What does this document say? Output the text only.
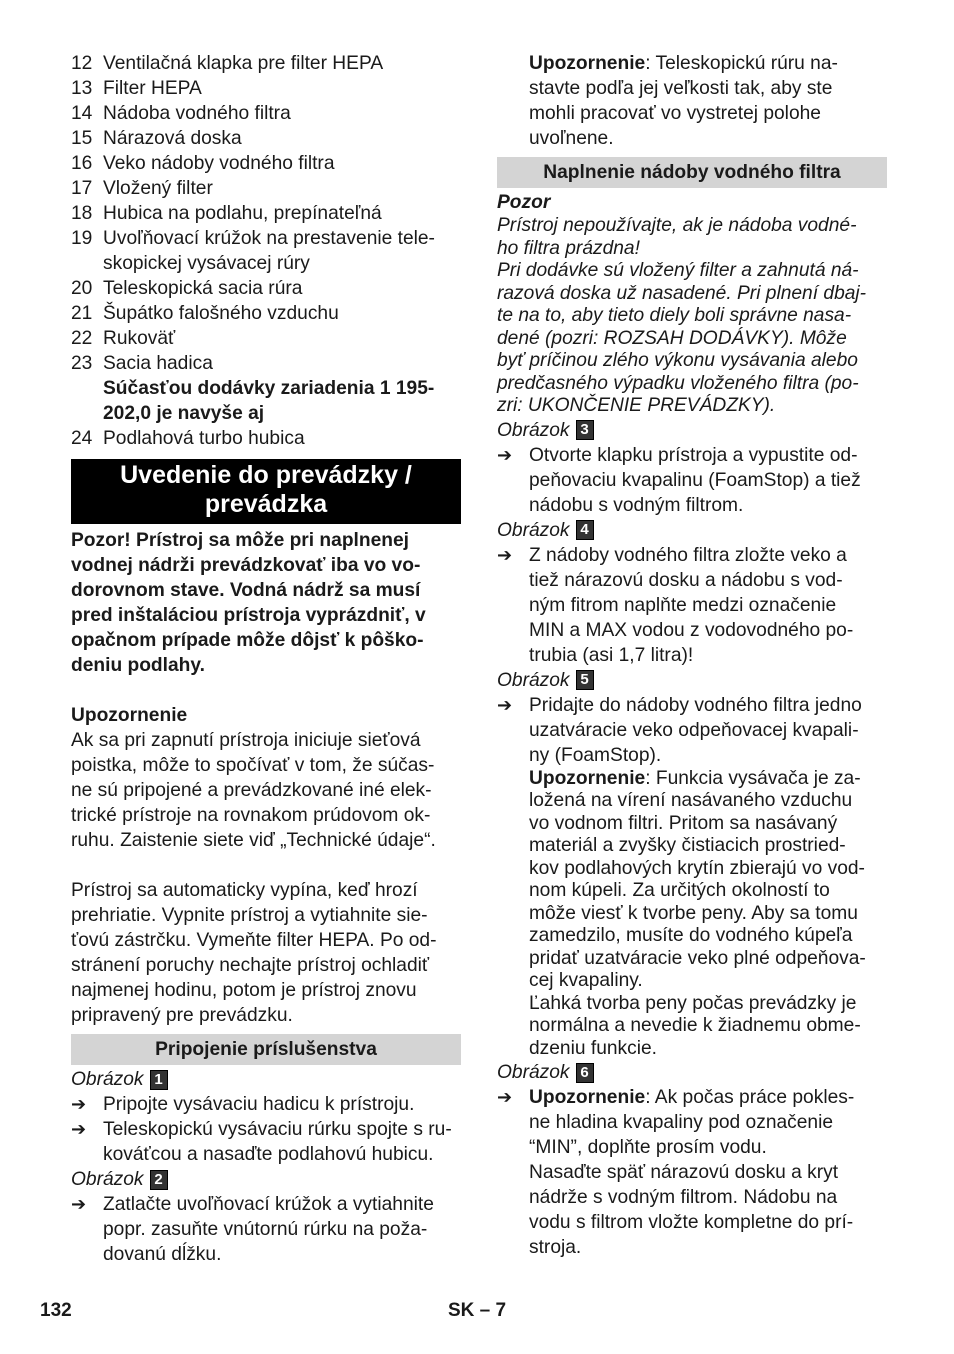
12 Ventilačná klapka pre filter HEPA
13 Filter HEPA
14 Nádoba vodného filtra
15 Nárazová doska
16 Veko nádoby vodného filtra
17 Vložený filter
18 Hubica na podlahu, prepínateľná
19 Uvoľňovací krúžok na prestavenie tele-
skopickej vysávacej rúry
20 Teleskopická sacia rúra
21 Šupátko falošného vzduchu
22 Rukoväť
23 Sacia hadica
Súčasťou dodávky zariadenia 1 195-
202,0 je navyše aj
24 Podlahová turbo hubica
Uvedenie do prevádzky /
prevádzka
Pozor! Prístroj sa môže pri naplnenej
vodnej nádrži prevádzkovať iba vo vo-
dorovnom stave. Vodná nádrž sa musí
pred inštaláciou prístroja vyprázdniť, v
opačnom prípade môže dôjsť k pôško-
deniu podlahy.
Upozornenie
Ak sa pri zapnutí prístroja iniciuje sieťová
poistka, môže to spočívať v tom, že súčas-
ne sú pripojené a prevádzkované iné elek-
trické prístroje na rovnakom prúdovom ok-
ruhu. Zaistenie siete viď „Technické údaje“.
Prístroj sa automaticky vypína, keď hrozí
prehriatie. Vypnite prístroj a vytiahnite sie-
ťovú zástrčku. Vymeňte filter HEPA. Po od-
stránení poruchy nechajte prístroj ochladiť
najmenej hodinu, potom je prístroj znovu
pripravený pre prevádzku.
Pripojenie príslušenstva
Obrázok 1
➔ Pripojte vysávaciu hadicu k prístroju.
➔ Teleskopickú vysávaciu rúrku spojte s ru-
kováťcou a nasaďte podlahovú hubicu.
Obrázok 2
➔ Zatlačte uvoľňovací krúžok a vytiahnite
popr. zasuňte vnútornú rúrku na poža-
dovanú dĺžku.
Upozornenie: Teleskopickú rúru na-
stavte podľa jej veľkosti tak, aby ste
mohli pracovať vo vystretej polohe
uvoľnene.
Naplnenie nádoby vodného filtra
Pozor
Prístroj nepoužívajte, ak je nádoba vodné-
ho filtra prázdna!
Pri dodávke sú vložený filter a zahnutá ná-
razová doska už nasadené. Pri plnení dbaj-
te na to, aby tieto diely boli správne nasa-
dené (pozri: ROZSAH DODÁVKY). Môže
byť príčinou zlého výkonu vysávania alebo
predčasného výpadku vloženého filtra (po-
zri: UKONČENIE PREVÁDZKY).
Obrázok 3
➔ Otvorte klapku prístroja a vypustite od-
peňovaciu kvapalinu (FoamStop) a tiež
nádobu s vodným filtrom.
Obrázok 4
➔ Z nádoby vodného filtra zložte veko a
tiež nárazovú dosku a nádobu s vod-
ným fitrom naplňte medzi označenie
MIN a MAX vodou z vodovodného po-
trubia (asi 1,7 litra)!
Obrázok 5
➔ Pridajte do nádoby vodného filtra jedno
uzatváracie veko odpeňovacej kvapali-
ny (FoamStop).
Upozornenie: Funkcia vysávača je za-
ložená na vírení nasávaného vzduchu
vo vodnom filtri. Pritom sa nasávaný
materiál a zvyšky čistiacich prostried-
kov podlahových krytín zbierajú vo vod-
nom kúpeli. Za určitých okolností to
môže viesť k tvorbe peny. Aby sa tomu
zamedzilo, musíte do vodného kúpeľa
pridať uzatváracie veko plné odpeňova-
cej kvapaliny.
Ľahká tvorba peny počas prevádzky je
normálna a nevedie k žiadnemu obme-
dzeniu funkcie.
Obrázok 6
➔ Upozornenie: Ak počas práce pokles-
ne hladina kvapaliny pod označenie
“MIN”, doplňte prosím vodu.
Nasaďte späť nárazovú dosku a kryt
nádrže s vodným filtrom. Nádobu na
vodu s filtrom vložte kompletne do prí-
stroja.
132	SK – 7
